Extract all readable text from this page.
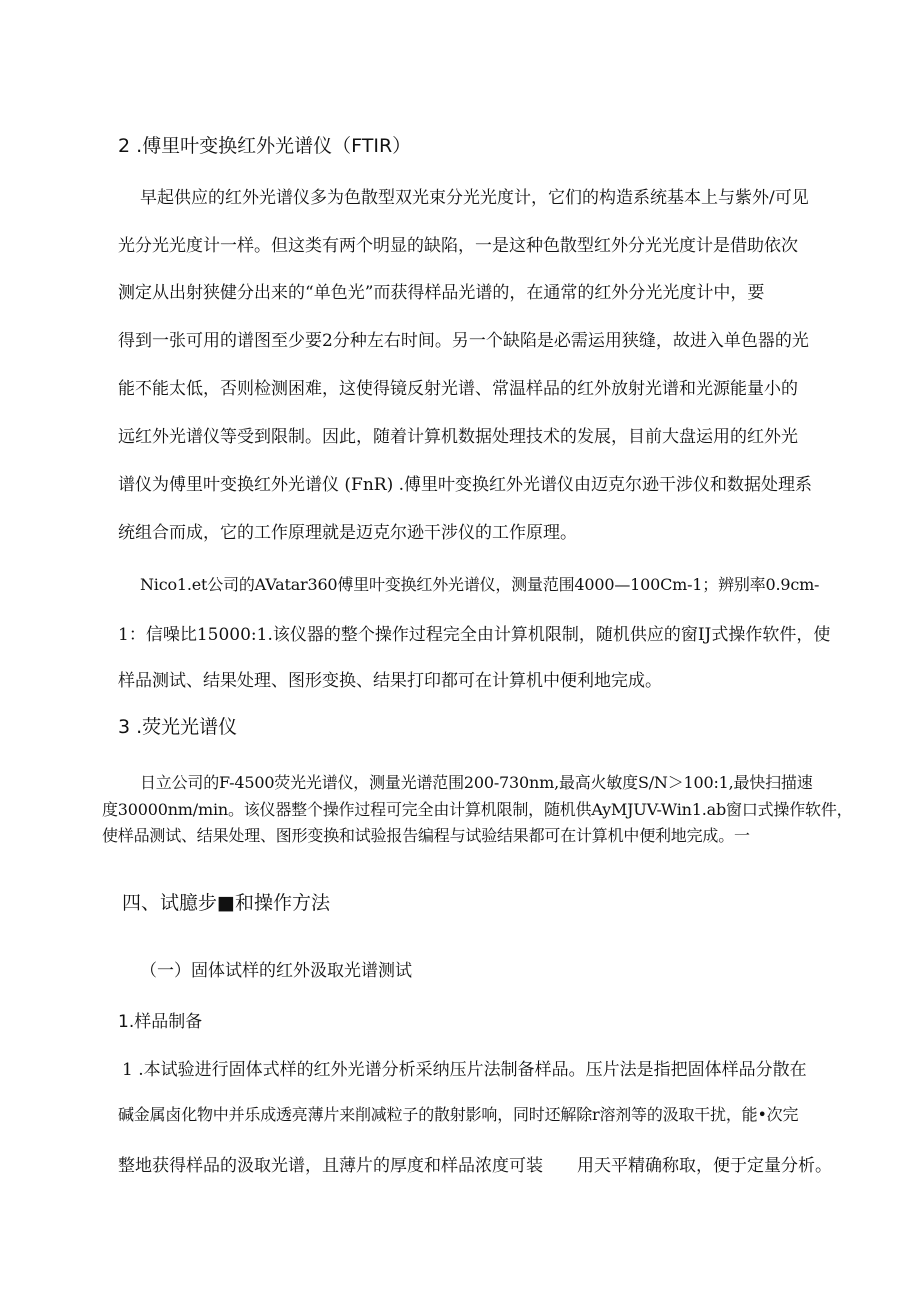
2 .傅里叶变换红外光谱仪（FTIR）
早起供应的红外光谱仪多为色散型双光束分光光度计，它们的构造系统基本上与紫外/可见
光分光光度计一样。但这类有两个明显的缺陷，一是这种色散型红外分光光度计是借助依次
测定从出射狭健分出来的“单色光”而获得样品光谱的，在通常的红外分光光度计中，要
得到一张可用的谱图至少要2分种左右时间。另一个缺陷是必需运用狭缝，故进入单色器的光
能不能太低，否则检测困难，这使得镜反射光谱、常温样品的红外放射光谱和光源能量小的
远红外光谱仪等受到限制。因此，随着计算机数据处理技术的发展，目前大盘运用的红外光
谱仪为傅里叶变换红外光谱仪 (FnR) .傅里叶变换红外光谱仪由迈克尔逊干涉仪和数据处理系
统组合而成，它的工作原理就是迈克尔逊干涉仪的工作原理。
Nico1.et公司的AVatar360傅里叶变换红外光谱仪，测量范围4000—100Cm-1；辨别率0.9cm-
1：信噪比15000:1.该仪器的整个操作过程完全由计算机限制，随机供应的窗IJ式操作软件，使
样品测试、结果处理、图形变换、结果打印都可在计算机中便利地完成。
3 .荧光光谱仪
日立公司的F-4500荧光光谱仪，测量光谱范围200-730nm,最高火敏度S/N＞100:1,最快扫描速
度30000nm/min。该仪器整个操作过程可完全由计算机限制，随机供AyMJUV-Win1.ab窗口式操作软件，
使样品测试、结果处理、图形变换和试验报告编程与试验结果都可在计算机中便利地完成。一
四、试臆步■和操作方法
（一）固体试样的红外汲取光谱测试
1.样品制备
1 .本试验进行固体式样的红外光谱分析采纳压片法制备样品。压片法是指把固体样品分散在
碱金属卤化物中并乐成透亮薄片来削减粒子的散射影响，同时还解除r溶剂等的汲取干扰，能•次完
整地获得样品的汲取光谱，且薄片的厚度和样品浓度可装　　用天平精确称取，便于定量分析。
